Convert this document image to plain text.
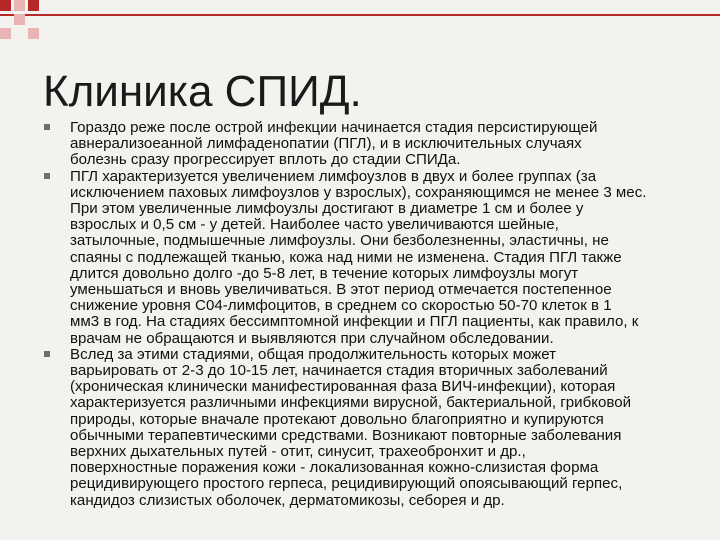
Клиника СПИД.
Гораздо реже после острой инфекции начинается стадия персистирующей
авнерализоеанной лимфаденопатии (ПГЛ), и в исключительных случаях
болезнь сразу прогрессирует вплоть до стадии СПИДа.
ПГЛ характеризуется увеличением лимфоузлов в двух и более группах (за
исключением паховых лимфоузлов у взрослых), сохраняющимся не менее 3 мес.
При этом увеличенные лимфоузлы достигают в диаметре 1 см и более у
взрослых и 0,5 см - у детей. Наиболее часто увеличиваются шейные,
затылочные, подмышечные лимфоузлы. Они безболезненны, эластичны, не
спаяны с подлежащей тканью, кожа над ними не изменена. Стадия ПГЛ также
длится довольно долго -до 5-8 лет, в течение которых лимфоузлы могут
уменьшаться и вновь увеличиваться. В этот период отмечается постепенное
снижение уровня С04-лимфоцитов, в среднем со скоростью 50-70 клеток в 1
мм3 в год. На стадиях бессимптомной инфекции и ПГЛ пациенты, как правило, к
врачам не обращаются и выявляются при случайном обследовании.
Вслед за этими стадиями, общая продолжительность которых может
варьировать от 2-3 до 10-15 лет, начинается стадия вторичных заболеваний
(хроническая клинически манифестированная фаза ВИЧ-инфекции), которая
характеризуется различными инфекциями вирусной, бактериальной, грибковой
природы, которые вначале протекают довольно благоприятно и купируются
обычными терапевтическими средствами. Возникают повторные заболевания
верхних дыхательных путей - отит, синусит, трахеобронхит и др.,
поверхностные поражения кожи - локализованная кожно-слизистая форма
рецидивирующего простого герпеса, рецидивирующий опоясывающий герпес,
кандидоз слизистых оболочек, дерматомикозы, себорея и др.
